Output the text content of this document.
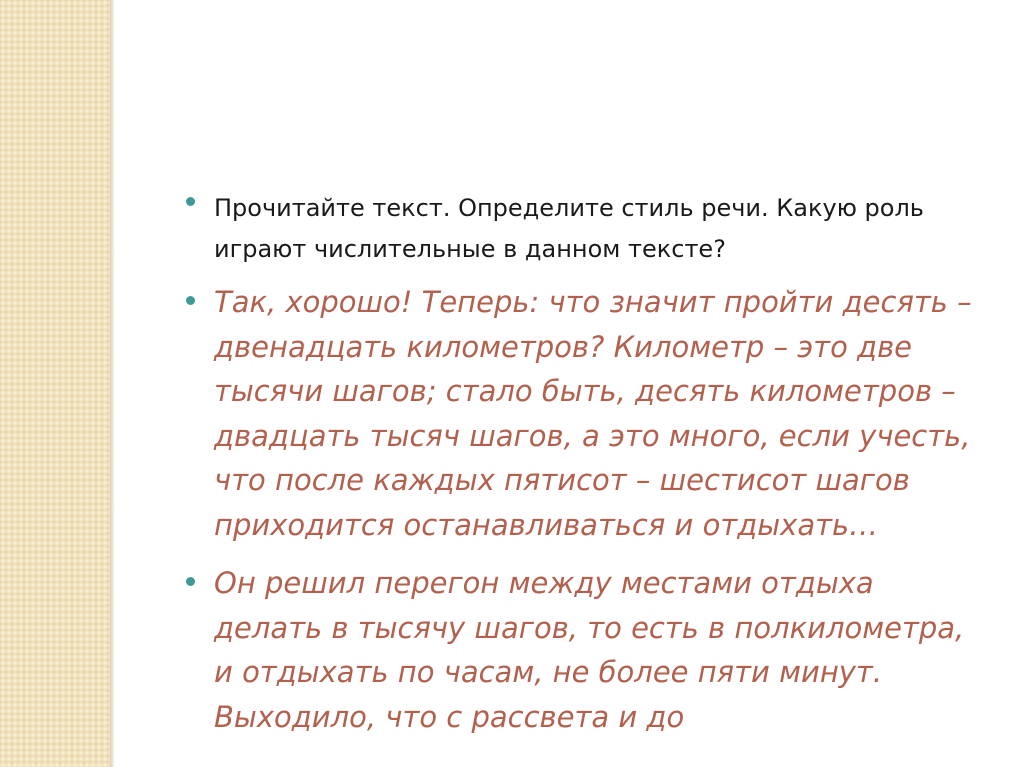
Прочитайте текст. Определите стиль речи. Какую роль играют числительные в данном тексте?

Так, хорошо! Теперь: что значит пройти десять – двенадцать километров? Километр – это две тысячи шагов; стало быть, десять километров – двадцать тысяч шагов, а это много, если учесть, что после каждых пятисот – шестисот шагов приходится останавливаться и отдыхать…

Он решил перегон между местами отдыха делать в тысячу шагов, то есть в полкилометра, и отдыхать по часам, не более пяти минут. Выходило, что с рассвета и до
